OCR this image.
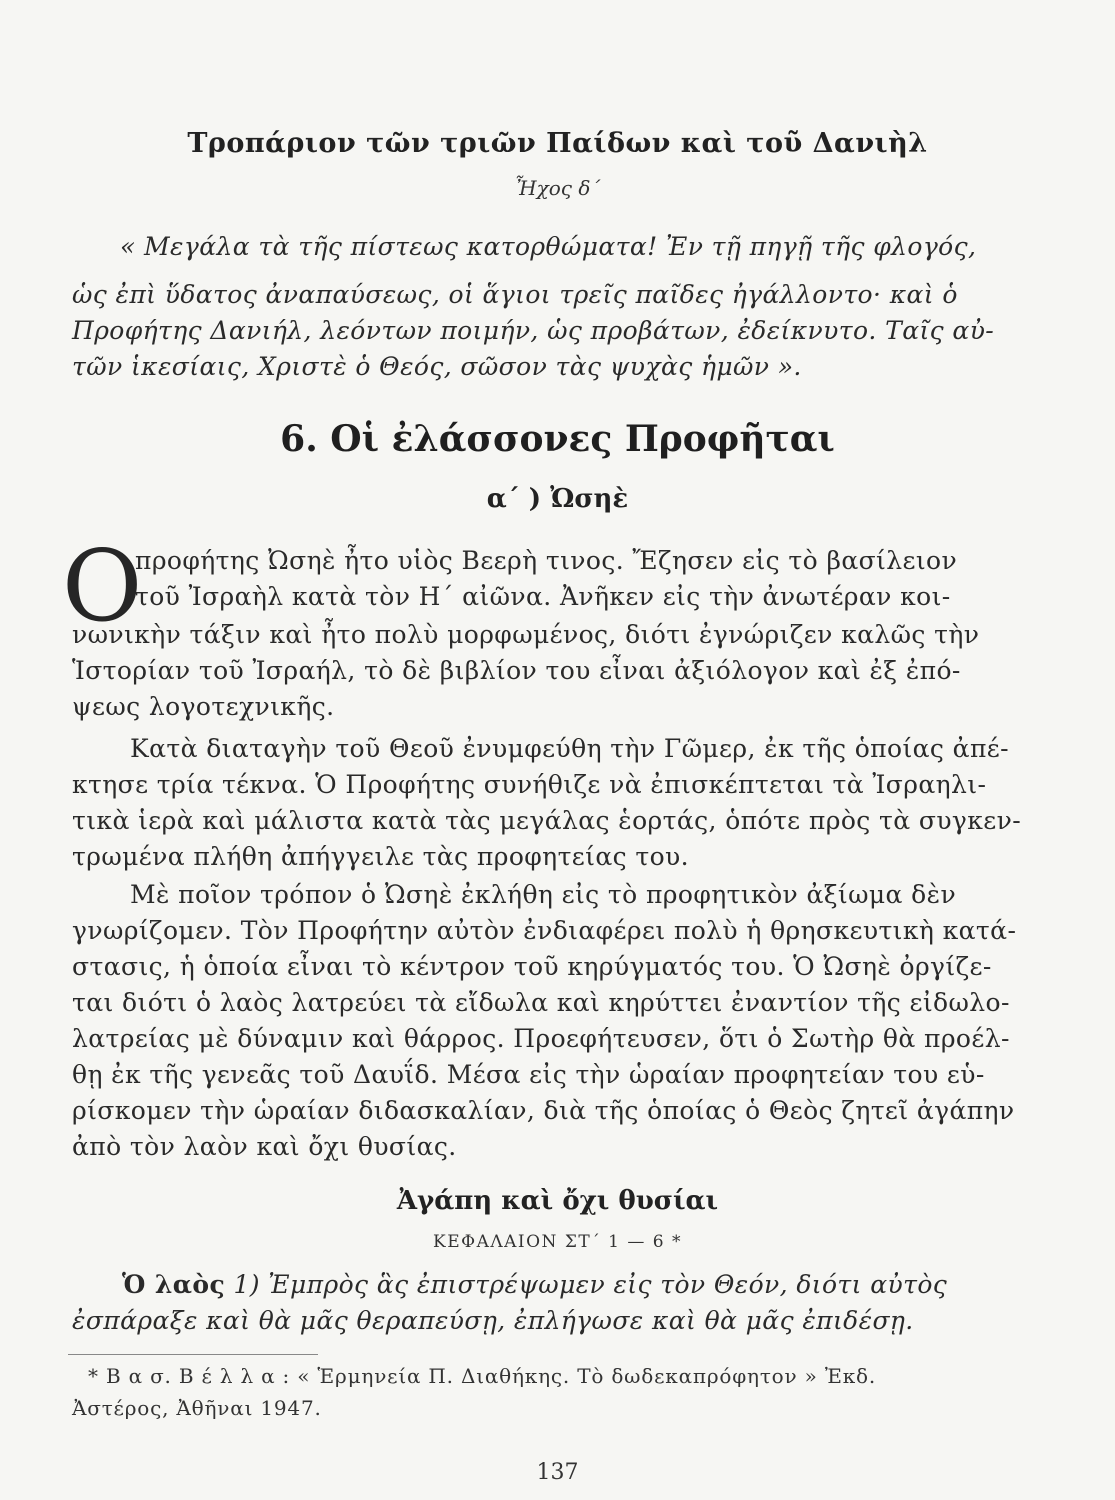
Τροπάριον τῶν τριῶν Παίδων καὶ τοῦ Δανιὴλ
Ἦχος δ΄
« Μεγάλα τὰ τῆς πίστεως κατορθώματα! Ἐν τῇ πηγῇ τῆς φλογός,
ὡς ἐπὶ ὕδατος ἀναπαύσεως, οἱ ἅγιοι τρεῖς παῖδες ἠγάλλοντο· καὶ ὁ
Προφήτης Δανιήλ, λεόντων ποιμήν, ὡς προβάτων, ἐδείκνυτο. Ταῖς αὐ-
τῶν ἱκεσίαις, Χριστὲ ὁ Θεός, σῶσον τὰς ψυχὰς ἡμῶν ».
6. Οἱ ἐλάσσονες Προφῆται
α΄ ) Ὠσηὲ
Ο
προφήτης Ὠσηὲ ἦτο υἱὸς Βεερὴ τινος. Ἔζησεν εἰς τὸ βασίλειον
τοῦ Ἰσραὴλ κατὰ τὸν Η΄ αἰῶνα. Ἀνῆκεν εἰς τὴν ἀνωτέραν κοι-
νωνικὴν τάξιν καὶ ἦτο πολὺ μορφωμένος, διότι ἐγνώριζεν καλῶς τὴν
Ἱστορίαν τοῦ Ἰσραήλ, τὸ δὲ βιβλίον του εἶναι ἀξιόλογον καὶ ἐξ ἐπό-
ψεως λογοτεχνικῆς.
Κατὰ διαταγὴν τοῦ Θεοῦ ἐνυμφεύθη τὴν Γῶμερ, ἐκ τῆς ὁποίας ἀπέ-
κτησε τρία τέκνα. Ὁ Προφήτης συνήθιζε νὰ ἐπισκέπτεται τὰ Ἰσραηλι-
τικὰ ἱερὰ καὶ μάλιστα κατὰ τὰς μεγάλας ἑορτάς, ὁπότε πρὸς τὰ συγκεν-
τρωμένα πλήθη ἀπήγγειλε τὰς προφητείας του.
Μὲ ποῖον τρόπον ὁ Ὠσηὲ ἐκλήθη εἰς τὸ προφητικὸν ἀξίωμα δὲν
γνωρίζομεν. Τὸν Προφήτην αὐτὸν ἐνδιαφέρει πολὺ ἡ θρησκευτικὴ κατά-
στασις, ἡ ὁποία εἶναι τὸ κέντρον τοῦ κηρύγματός του. Ὁ Ὠσηὲ ὀργίζε-
ται διότι ὁ λαὸς λατρεύει τὰ εἴδωλα καὶ κηρύττει ἐναντίον τῆς εἰδωλο-
λατρείας μὲ δύναμιν καὶ θάρρος. Προεφήτευσεν, ὅτι ὁ Σωτὴρ θὰ προέλ-
θῃ ἐκ τῆς γενεᾶς τοῦ Δαυΐδ. Μέσα εἰς τὴν ὡραίαν προφητείαν του εὑ-
ρίσκομεν τὴν ὡραίαν διδασκαλίαν, διὰ τῆς ὁποίας ὁ Θεὸς ζητεῖ ἀγάπην
ἀπὸ τὸν λαὸν καὶ ὄχι θυσίας.
Ἀγάπη καὶ ὄχι θυσίαι
ΚΕΦΑΛΑΙΟΝ ΣΤ΄ 1 — 6 *
Ὁ λαὸς 1) Ἐμπρὸς ἃς ἐπιστρέψωμεν εἰς τὸν Θεόν, διότι αὐτὸς
ἐσπάραξε καὶ θὰ μᾶς θεραπεύσῃ, ἐπλήγωσε καὶ θὰ μᾶς ἐπιδέσῃ.
* Β α σ. Β έ λ λ α : « Ἑρμηνεία Π. Διαθήκης. Τὸ δωδεκαπρόφητον » Ἐκδ.
Ἀστέρος, Ἀθῆναι 1947.
137
